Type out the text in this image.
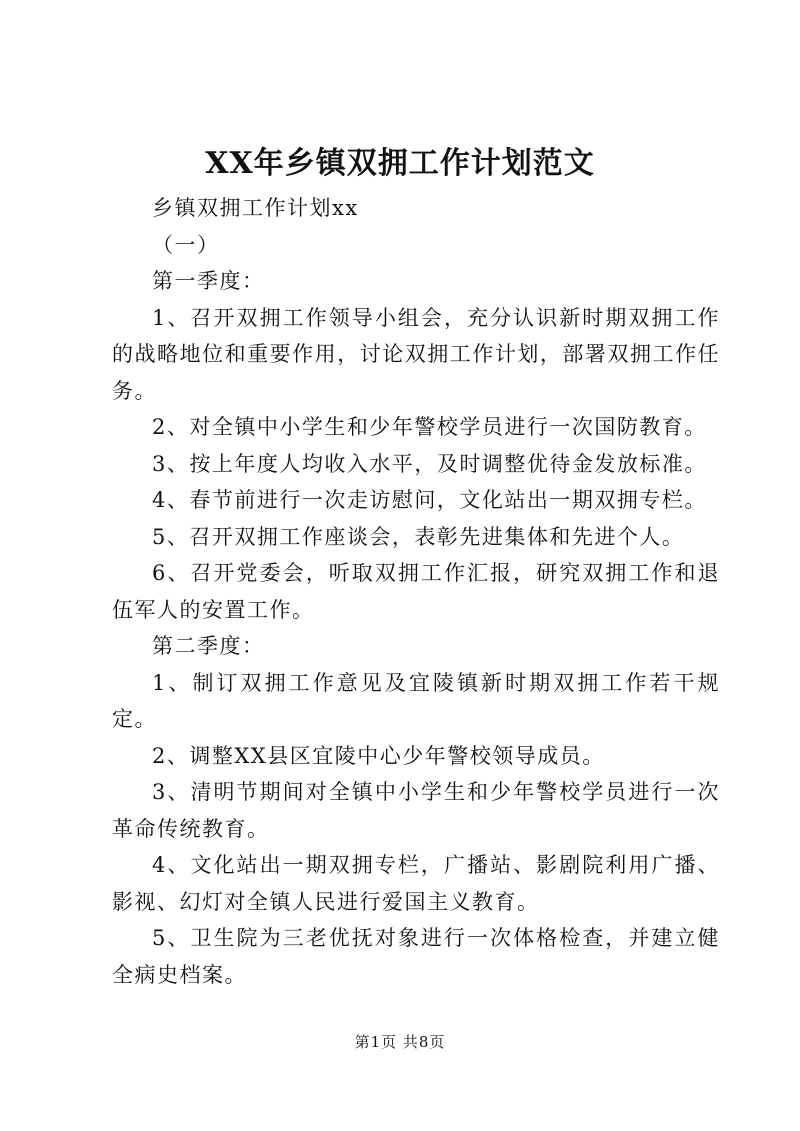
XX年乡镇双拥工作计划范文

乡镇双拥工作计划xx

（一）

第一季度：

1、召开双拥工作领导小组会，充分认识新时期双拥工作的战略地位和重要作用，讨论双拥工作计划，部署双拥工作任务。

2、对全镇中小学生和少年警校学员进行一次国防教育。

3、按上年度人均收入水平，及时调整优待金发放标准。

4、春节前进行一次走访慰问，文化站出一期双拥专栏。

5、召开双拥工作座谈会，表彰先进集体和先进个人。

6、召开党委会，听取双拥工作汇报，研究双拥工作和退伍军人的安置工作。

第二季度：

1、制订双拥工作意见及宜陵镇新时期双拥工作若干规定。

2、调整XX县区宜陵中心少年警校领导成员。

3、清明节期间对全镇中小学生和少年警校学员进行一次革命传统教育。

4、文化站出一期双拥专栏，广播站、影剧院利用广播、影视、幻灯对全镇人民进行爱国主义教育。

5、卫生院为三老优抚对象进行一次体格检查，并建立健全病史档案。

第1页 共8页
